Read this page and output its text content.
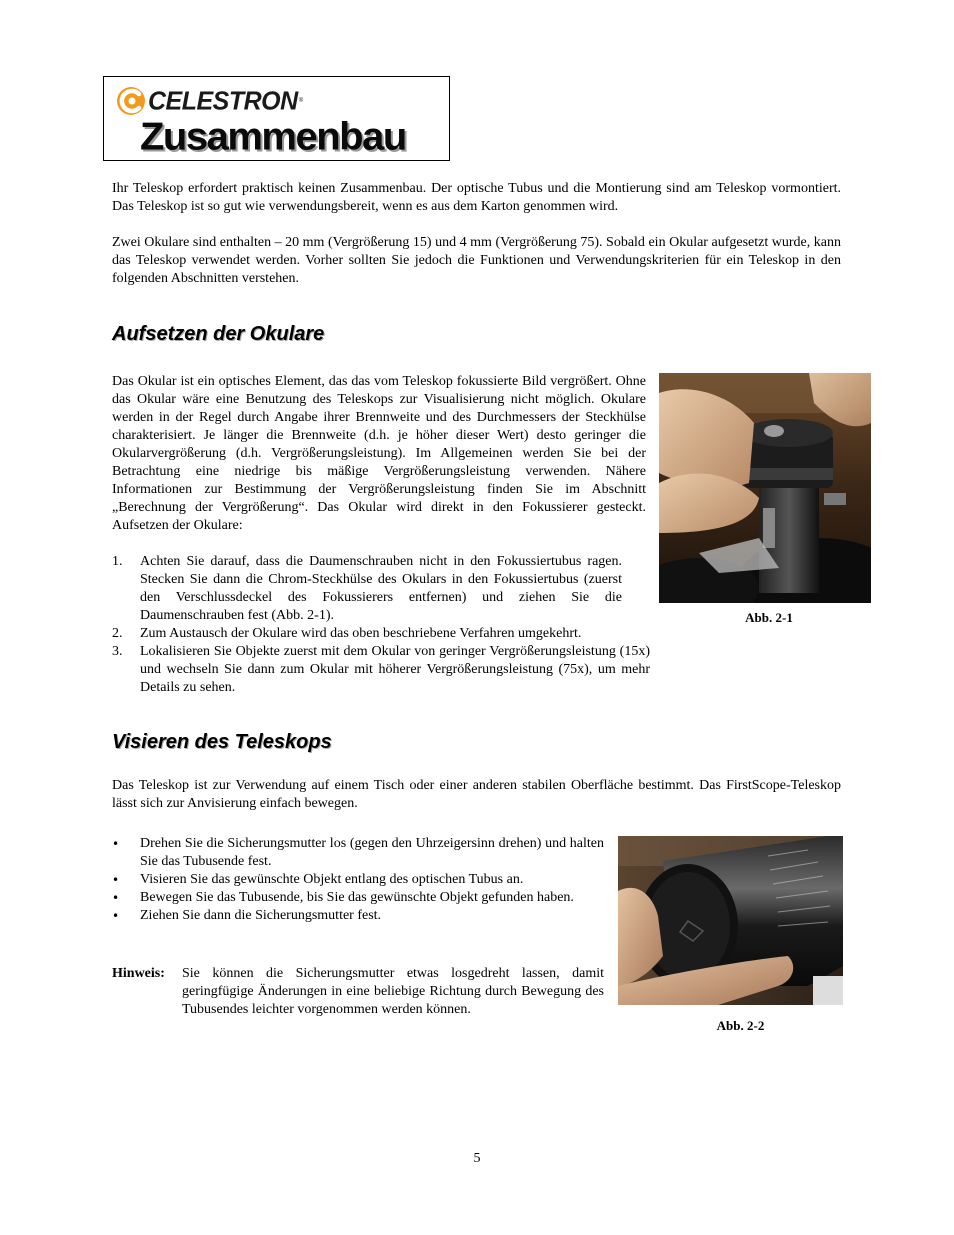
CELESTRON ®
Zusammenbau
Ihr Teleskop erfordert praktisch keinen Zusammenbau. Der optische Tubus und die Montierung sind am Teleskop vormontiert. Das Teleskop ist so gut wie verwendungsbereit, wenn es aus dem Karton genommen wird.
Zwei Okulare sind enthalten – 20 mm (Vergrößerung 15) und 4 mm (Vergrößerung 75). Sobald ein Okular aufgesetzt wurde, kann das Teleskop verwendet werden. Vorher sollten Sie jedoch die Funktionen und Verwendungskriterien für ein Teleskop in den folgenden Abschnitten verstehen.
Aufsetzen der Okulare
Das Okular ist ein optisches Element, das das vom Teleskop fokussierte Bild vergrößert. Ohne das Okular wäre eine Benutzung des Teleskops zur Visualisierung nicht möglich. Okulare werden in der Regel durch Angabe ihrer Brennweite und des Durchmessers der Steckhülse charakterisiert. Je länger die Brennweite (d.h. je höher dieser Wert) desto geringer die Okularvergrößerung (d.h. Vergrößerungsleistung). Im Allgemeinen werden Sie bei der Betrachtung eine niedrige bis mäßige Vergrößerungsleistung verwenden. Nähere Informationen zur Bestimmung der Vergrößerungsleistung finden Sie im Abschnitt „Berechnung der Vergrößerung“. Das Okular wird direkt in den Fokussierer gesteckt. Aufsetzen der Okulare:
1. Achten Sie darauf, dass die Daumenschrauben nicht in den Fokussiertubus ragen. Stecken Sie dann die Chrom-Steckhülse des Okulars in den Fokussiertubus (zuerst den Verschlussdeckel des Fokussierers entfernen) und ziehen Sie die Daumenschrauben fest (Abb. 2-1).
2. Zum Austausch der Okulare wird das oben beschriebene Verfahren umgekehrt.
3. Lokalisieren Sie Objekte zuerst mit dem Okular von geringer Vergrößerungsleistung (15x) und wechseln Sie dann zum Okular mit höherer Vergrößerungsleistung (75x), um mehr Details zu sehen.
Abb. 2-1
Visieren des Teleskops
Das Teleskop ist zur Verwendung auf einem Tisch oder einer anderen stabilen Oberfläche bestimmt. Das FirstScope-Teleskop lässt sich zur Anvisierung einfach bewegen.
• Drehen Sie die Sicherungsmutter los (gegen den Uhrzeigersinn drehen) und halten Sie das Tubusende fest.
• Visieren Sie das gewünschte Objekt entlang des optischen Tubus an.
• Bewegen Sie das Tubusende, bis Sie das gewünschte Objekt gefunden haben.
• Ziehen Sie dann die Sicherungsmutter fest.
Hinweis: Sie können die Sicherungsmutter etwas losgedreht lassen, damit geringfügige Änderungen in eine beliebige Richtung durch Bewegung des Tubusendes leichter vorgenommen werden können.
Abb. 2-2
5
